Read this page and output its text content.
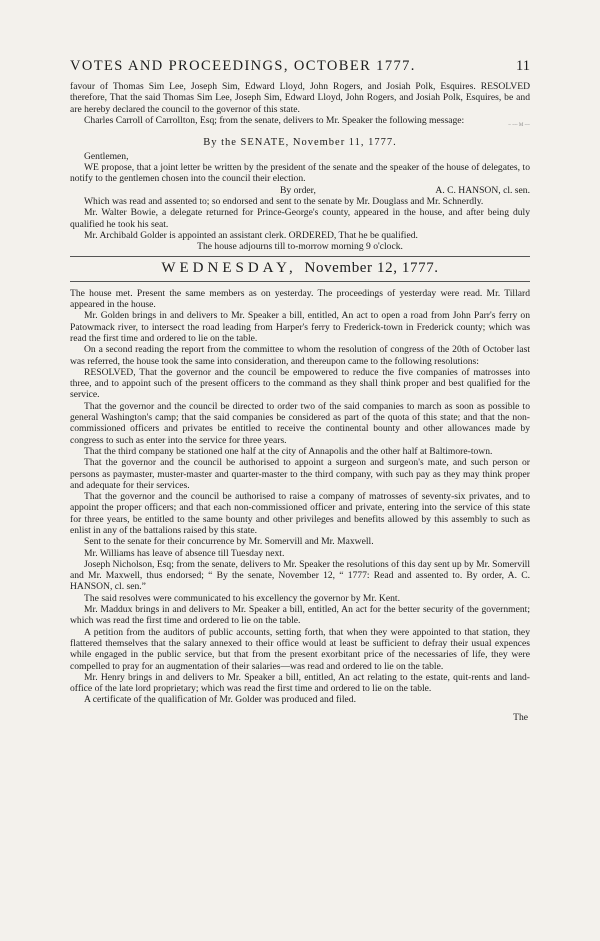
VOTES AND PROCEEDINGS, OCTOBER 1777.	11

favour of Thomas Sim Lee, Joseph Sim, Edward Lloyd, John Rogers, and Josiah Polk, Esquires. RESOLVED therefore, That the said Thomas Sim Lee, Joseph Sim, Edward Lloyd, John Rogers, and Josiah Polk, Esquires, be and are hereby declared the council to the governor of this state.

Charles Carroll of Carrollton, Esq; from the senate, delivers to Mr. Speaker the following message:	~ ~~ M ~~

By the SENATE, November 11, 1777.

Gentlemen,

WE propose, that a joint letter be written by the president of the senate and the speaker of the house of delegates, to notify to the gentlemen chosen into the council their election.

By order,	A. C. HANSON, cl. sen.

Which was read and assented to; so endorsed and sent to the senate by Mr. Douglass and Mr. Schnerdly.

Mr. Walter Bowie, a delegate returned for Prince-George's county, appeared in the house, and after being duly qualified he took his seat.

Mr. Archibald Golder is appointed an assistant clerk. ORDERED, That he be qualified.

The house adjourns till to-morrow morning 9 o'clock.

WEDNESDAY, November 12, 1777.

The house met. Present the same members as on yesterday. The proceedings of yesterday were read. Mr. Tillard appeared in the house.

Mr. Golden brings in and delivers to Mr. Speaker a bill, entitled, An act to open a road from John Parr's ferry on Patowmack river, to intersect the road leading from Harper's ferry to Frederick-town in Frederick county; which was read the first time and ordered to lie on the table.

On a second reading the report from the committee to whom the resolution of congress of the 20th of October last was referred, the house took the same into consideration, and thereupon came to the following resolutions:

RESOLVED, That the governor and the council be empowered to reduce the five companies of matrosses into three, and to appoint such of the present officers to the command as they shall think proper and best qualified for the service.

That the governor and the council be directed to order two of the said companies to march as soon as possible to general Washington's camp; that the said companies be considered as part of the quota of this state; and that the non-commissioned officers and privates be entitled to receive the continental bounty and other allowances made by congress to such as enter into the service for three years.

That the third company be stationed one half at the city of Annapolis and the other half at Baltimore-town.

That the governor and the council be authorised to appoint a surgeon and surgeon's mate, and such person or persons as paymaster, muster-master and quarter-master to the third company, with such pay as they may think proper and adequate for their services.

That the governor and the council be authorised to raise a company of matrosses of seventy-six privates, and to appoint the proper officers; and that each non-commissioned officer and private, entering into the service of this state for three years, be entitled to the same bounty and other privileges and benefits allowed by this assembly to such as enlist in any of the battalions raised by this state.

Sent to the senate for their concurrence by Mr. Somervill and Mr. Maxwell.

Mr. Williams has leave of absence till Tuesday next.

Joseph Nicholson, Esq; from the senate, delivers to Mr. Speaker the resolutions of this day sent up by Mr. Somervill and Mr. Maxwell, thus endorsed; “ By the senate, November 12, “ 1777: Read and assented to. By order, A. C. HANSON, cl. sen.”

The said resolves were communicated to his excellency the governor by Mr. Kent.

Mr. Maddux brings in and delivers to Mr. Speaker a bill, entitled, An act for the better security of the government; which was read the first time and ordered to lie on the table.

A petition from the auditors of public accounts, setting forth, that when they were appointed to that station, they flattered themselves that the salary annexed to their office would at least be sufficient to defray their usual expences while engaged in the public service, but that from the present exorbitant price of the necessaries of life, they were compelled to pray for an augmentation of their salaries—was read and ordered to lie on the table.

Mr. Henry brings in and delivers to Mr. Speaker a bill, entitled, An act relating to the estate, quit-rents and land-office of the late lord proprietary; which was read the first time and ordered to lie on the table.

A certificate of the qualification of Mr. Golder was produced and filed.

The
